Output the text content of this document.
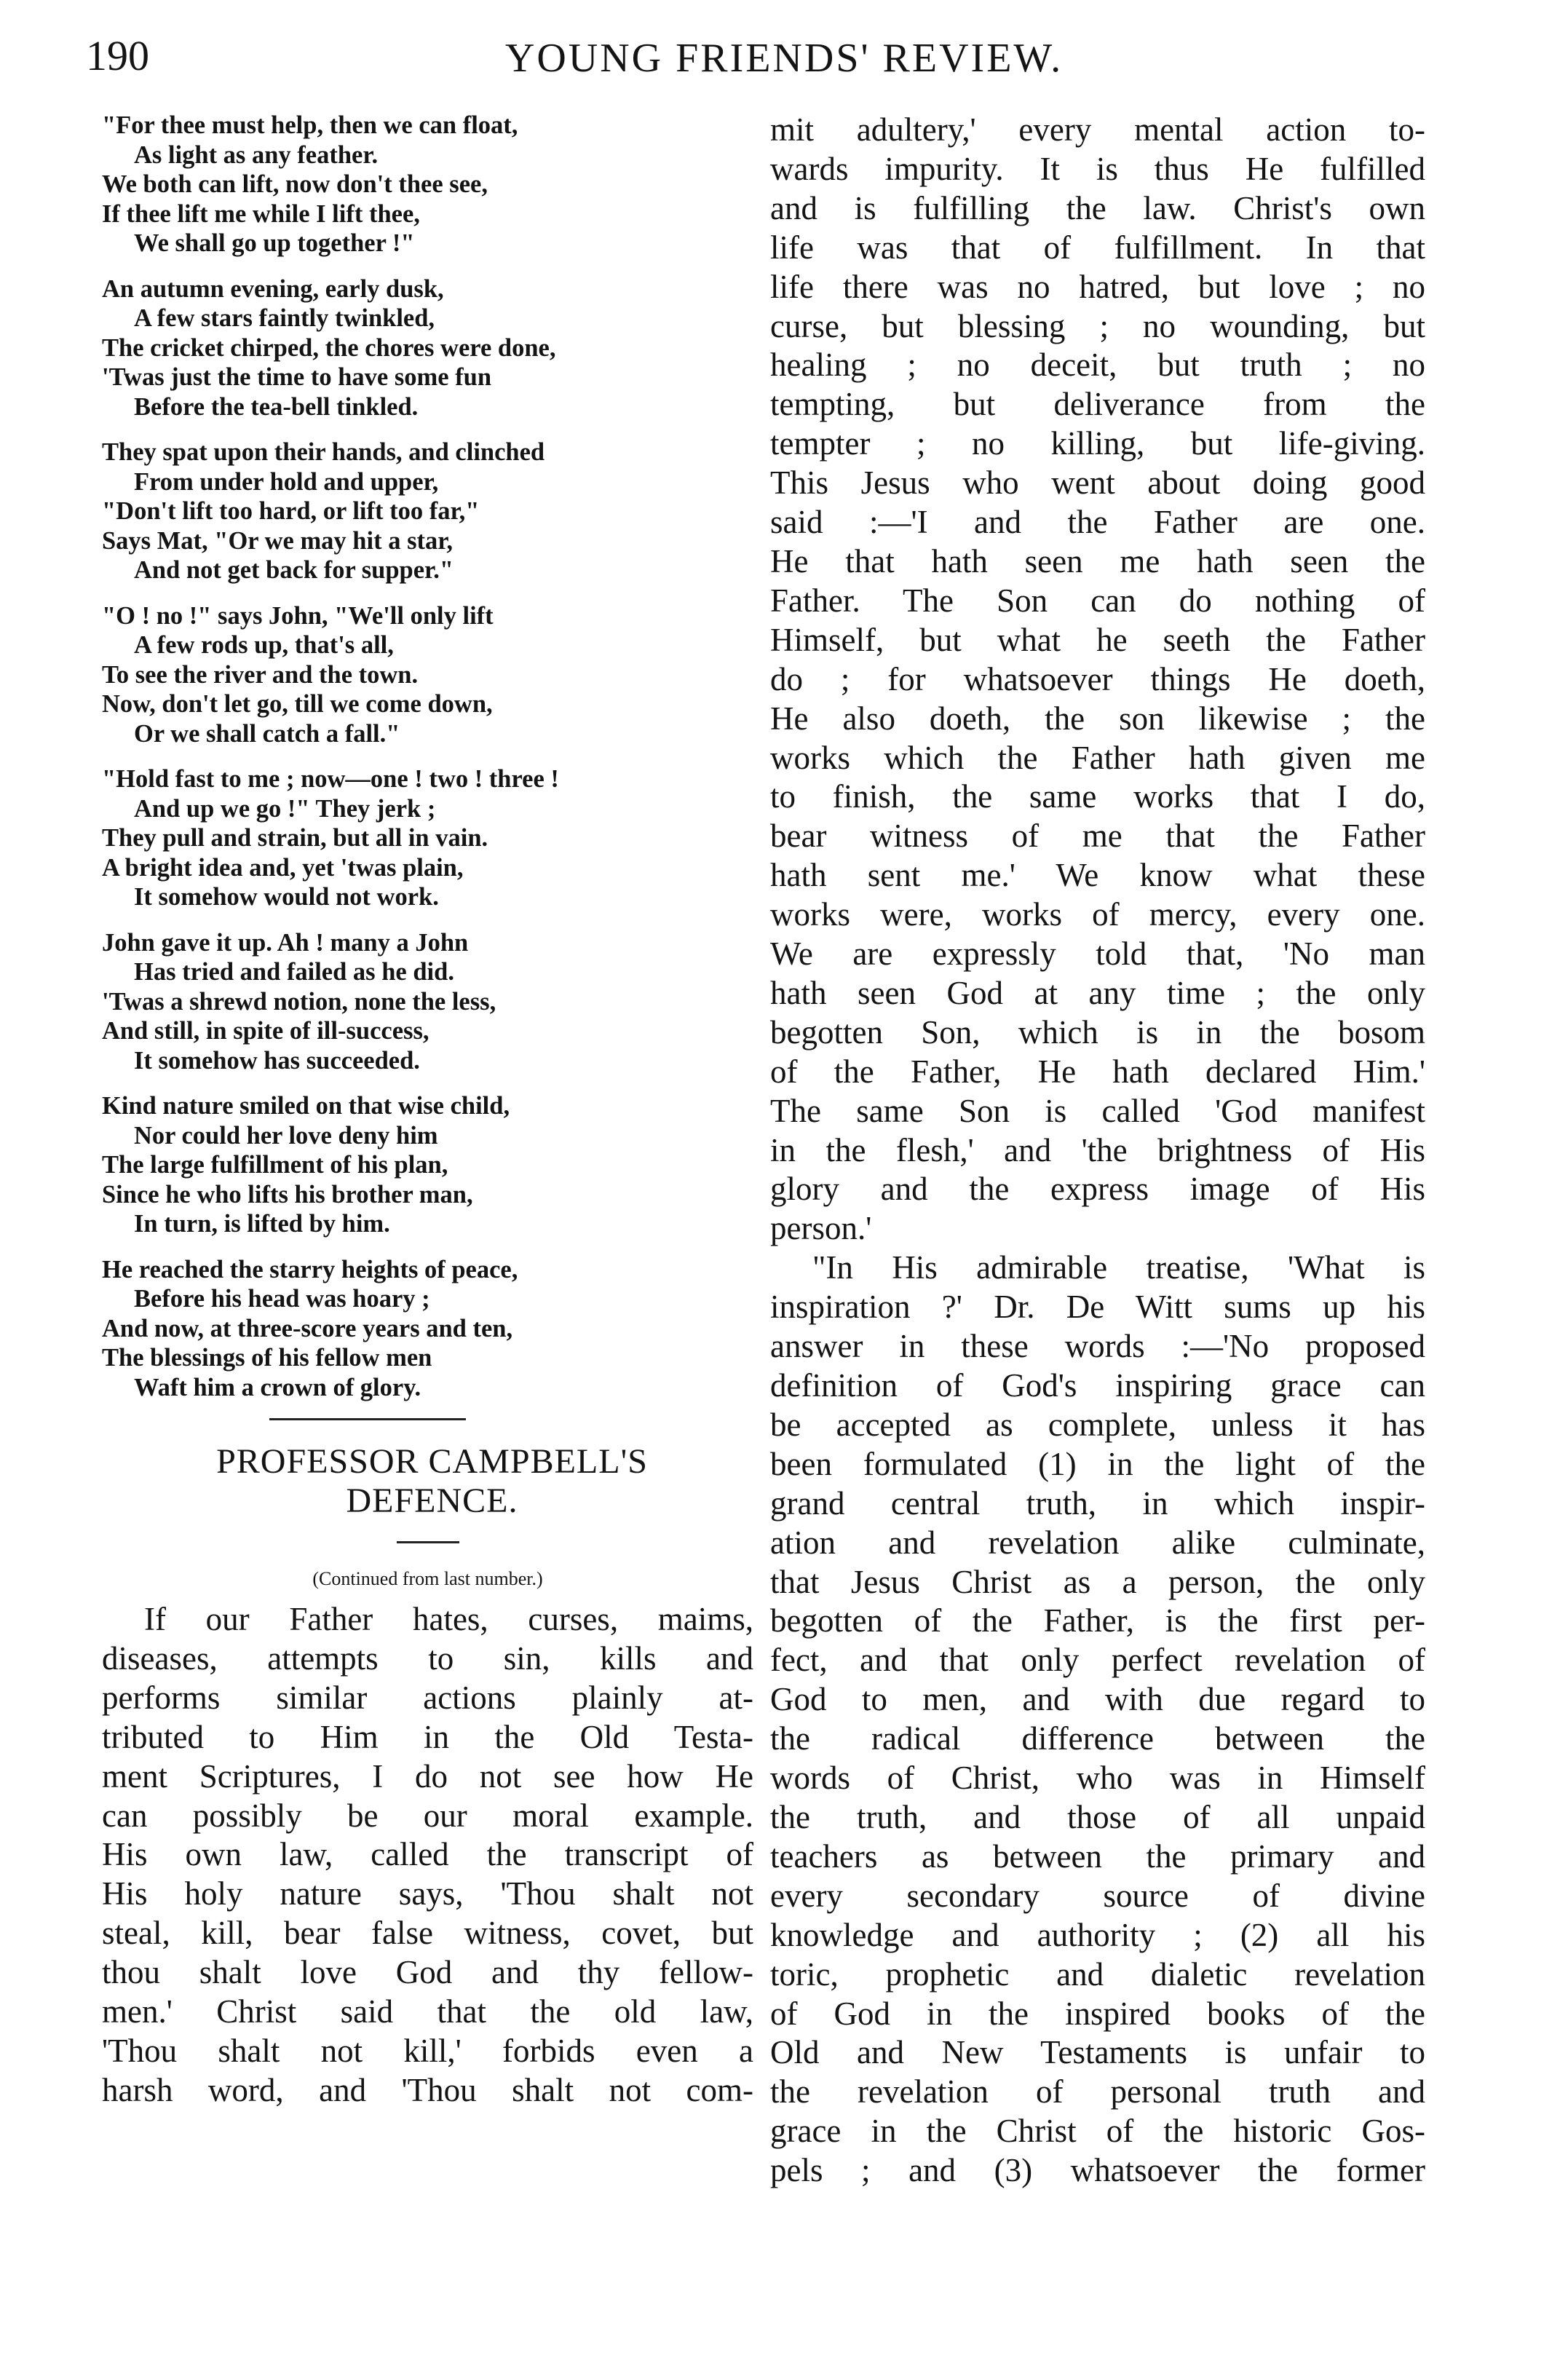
190	YOUNG FRIENDS' REVIEW.
"For thee must help, then we can float,
As light as any feather.
We both can lift, now don't thee see,
If thee lift me while I lift thee,
We shall go up together !"
An autumn evening, early dusk,
A few stars faintly twinkled,
The cricket chirped, the chores were done,
'Twas just the time to have some fun
Before the tea-bell tinkled.
They spat upon their hands, and clinched
From under hold and upper,
"Don't lift too hard, or lift too far,"
Says Mat, "Or we may hit a star,
And not get back for supper."
"O ! no !" says John, "We'll only lift
A few rods up, that's all,
To see the river and the town.
Now, don't let go, till we come down,
Or we shall catch a fall."
"Hold fast to me ; now—one ! two ! three !
And up we go !" They jerk ;
They pull and strain, but all in vain.
A bright idea and, yet 'twas plain,
It somehow would not work.
John gave it up. Ah ! many a John
Has tried and failed as he did.
'Twas a shrewd notion, none the less,
And still, in spite of ill-success,
It somehow has succeeded.
Kind nature smiled on that wise child,
Nor could her love deny him
The large fulfillment of his plan,
Since he who lifts his brother man,
In turn, is lifted by him.
He reached the starry heights of peace,
Before his head was hoary ;
And now, at three-score years and ten,
The blessings of his fellow men
Waft him a crown of glory.
PROFESSOR CAMPBELL'S
DEFENCE.
(Continued from last number.)

If our Father hates, curses, maims,
diseases, attempts to sin, kills and
performs similar actions plainly at-
tributed to Him in the Old Testa-
ment Scriptures, I do not see how He
can possibly be our moral example.
His own law, called the transcript of
His holy nature says, 'Thou shalt not
steal, kill, bear false witness, covet, but
thou shalt love God and thy fellow-
men.' Christ said that the old law,
'Thou shalt not kill,' forbids even a
harsh word, and 'Thou shalt not com-

mit adultery,' every mental action to-
wards impurity. It is thus He fulfilled
and is fulfilling the law. Christ's own
life was that of fulfillment. In that
life there was no hatred, but love ; no
curse, but blessing ; no wounding, but
healing ; no deceit, but truth ; no
tempting, but deliverance from the
tempter ; no killing, but life-giving.
This Jesus who went about doing good
said :—'I and the Father are one.
He that hath seen me hath seen the
Father. The Son can do nothing of
Himself, but what he seeth the Father
do ; for whatsoever things He doeth,
He also doeth, the son likewise ; the
works which the Father hath given me
to finish, the same works that I do,
bear witness of me that the Father
hath sent me.' We know what these
works were, works of mercy, every one.
We are expressly told that, 'No man
hath seen God at any time ; the only
begotten Son, which is in the bosom
of the Father, He hath declared Him.'
The same Son is called 'God manifest
in the flesh,' and 'the brightness of His
glory and the express image of His
person.'

"In His admirable treatise, 'What is
inspiration ?' Dr. De Witt sums up his
answer in these words :—'No proposed
definition of God's inspiring grace can
be accepted as complete, unless it has
been formulated (1) in the light of the
grand central truth, in which inspir-
ation and revelation alike culminate,
that Jesus Christ as a person, the only
begotten of the Father, is the first per-
fect, and that only perfect revelation of
God to men, and with due regard to
the radical difference between the
words of Christ, who was in Himself
the truth, and those of all unpaid
teachers as between the primary and
every secondary source of divine
knowledge and authority ; (2) all his
toric, prophetic and dialetic revelation
of God in the inspired books of the
Old and New Testaments is unfair to
the revelation of personal truth and
grace in the Christ of the historic Gos-
pels ; and (3) whatsoever the former
